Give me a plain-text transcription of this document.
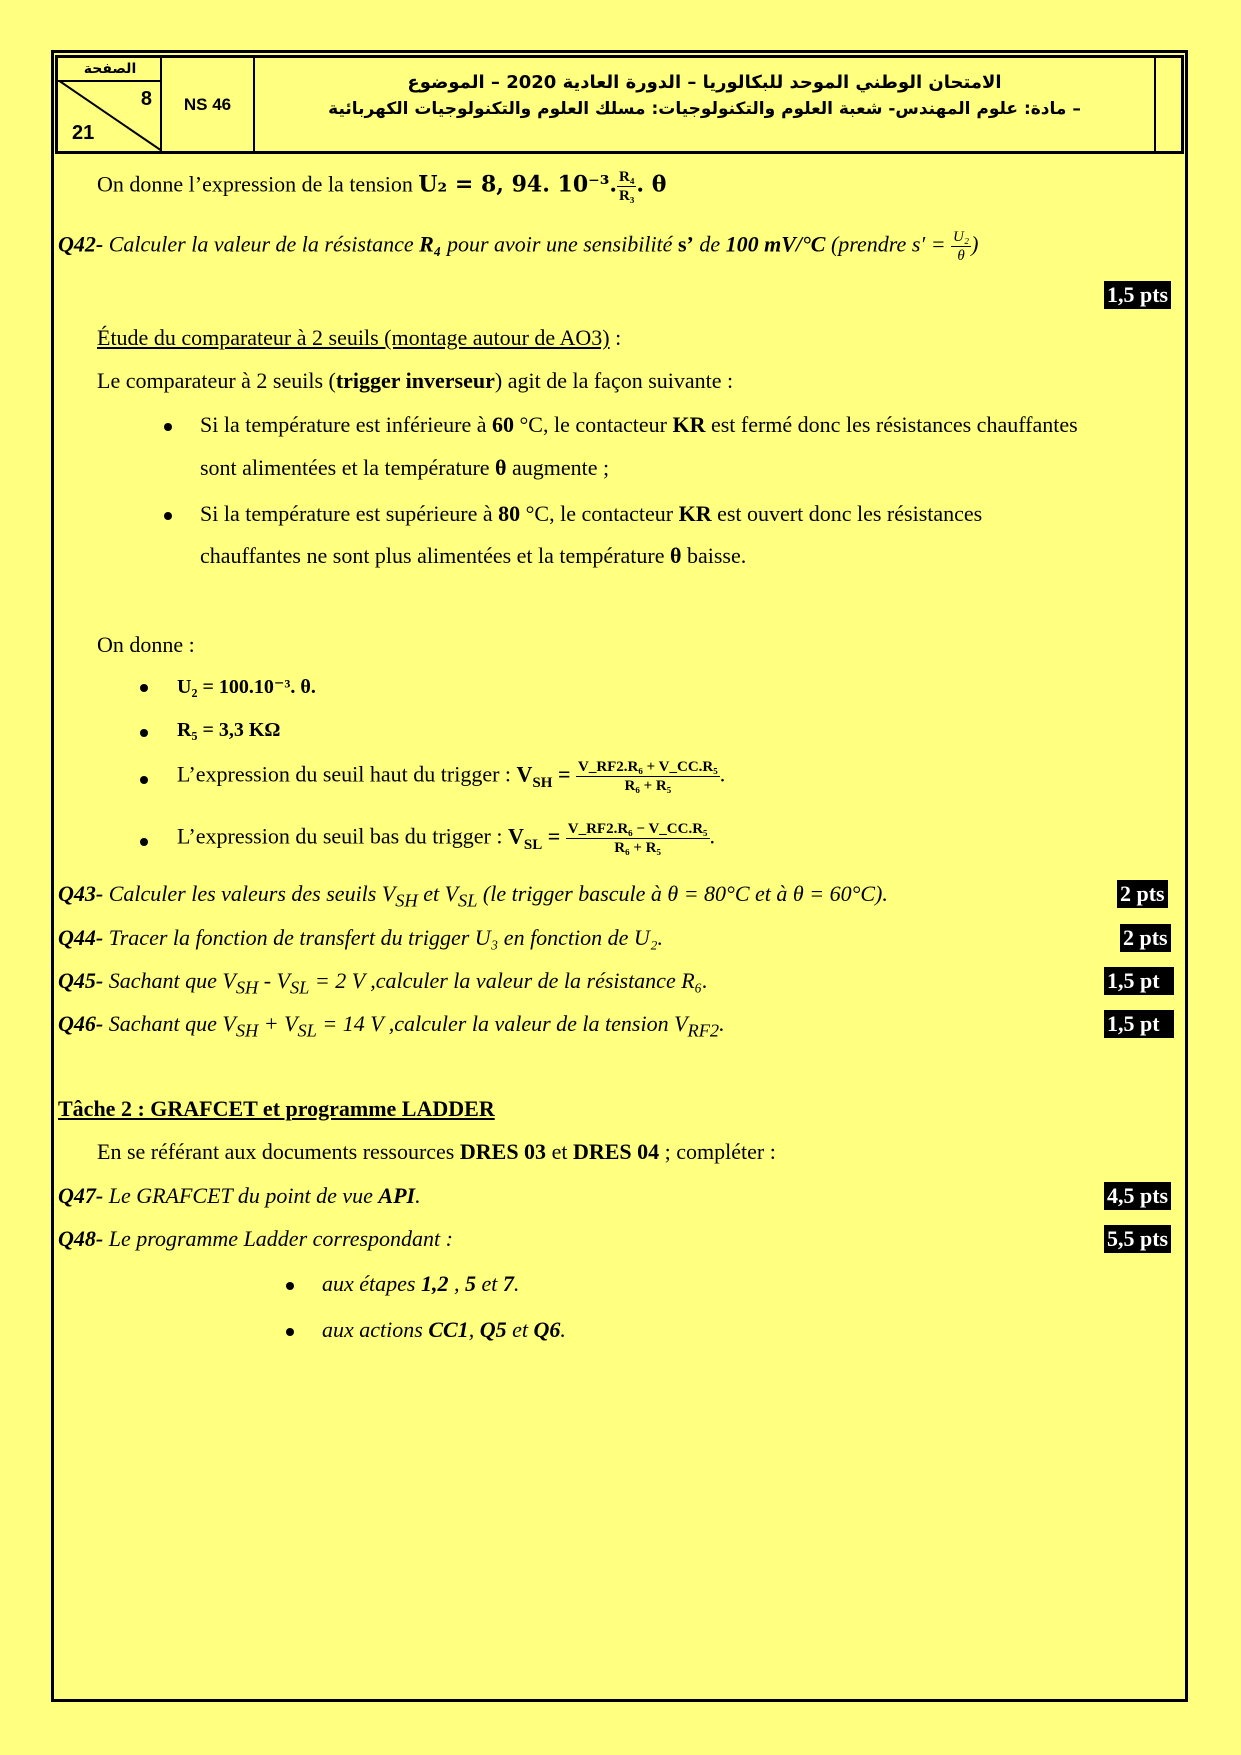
الصفحة
8
21
NS 46
الامتحان الوطني الموحد للبكالوريا – الدورة العادية 2020 – الموضوع
– مادة: علوم المهندس- شعبة العلوم والتكنولوجيات: مسلك العلوم والتكنولوجيات الكهربائية
On donne l’expression de la tension U₂ = 8, 94. 10⁻³. $\frac{\text{R₄}}{\text{R₃}}$ . θ
Q42- Calculer la valeur de la résistance R₄ pour avoir une sensibilité s’ de 100 mV/°C (prendre $s' = \frac{\text{U₂}}{\theta}$ )
1,5 pts
Étude du comparateur à 2 seuils (montage autour de AO3) :
Le comparateur à 2 seuils (trigger inverseur) agit de la façon suivante :
Si la température est inférieure à 60 °C, le contacteur KR est fermé donc les résistances chauffantes
sont alimentées et la température θ augmente ;
Si la température est supérieure à 80 °C, le contacteur KR est ouvert donc les résistances
chauffantes ne sont plus alimentées et la température θ baisse.
On donne :
U₂ = 100.10⁻³. θ.
R₅ = 3,3 KΩ
L’expression du seuil haut du trigger : $V_{SH} = \frac{\text{V\_RF2.R₆ + V\_CC.R₅}}{\text{R₆ + R₅}}$ .
L’expression du seuil bas du trigger : $V_{SL} = \frac{\text{V\_RF2.R₆ − V\_CC.R₅}}{\text{R₆ + R₅}}$ .
Q43- Calculer les valeurs des seuils $V_{SH}$ et $V_{SL}$ (le trigger bascule à θ = 80°C et à θ = 60°C).	2 pts
Q44- Tracer la fonction de transfert du trigger U₃ en fonction de U₂.	2 pts
Q45- Sachant que $V_{SH} - V_{SL} = 2$ V ,calculer la valeur de la résistance R₆.	1,5 pt
Q46- Sachant que $V_{SH} + V_{SL} = 14$ V ,calculer la valeur de la tension $V_{RF2}$.	1,5 pt
Tâche 2 : GRAFCET et programme LADDER
En se référant aux documents ressources DRES 03 et DRES 04 ; compléter :
Q47- Le GRAFCET du point de vue API.	4,5 pts
Q48- Le programme Ladder correspondant :	5,5 pts
aux étapes 1,2 , 5 et 7.
aux actions CC1, Q5 et Q6.
